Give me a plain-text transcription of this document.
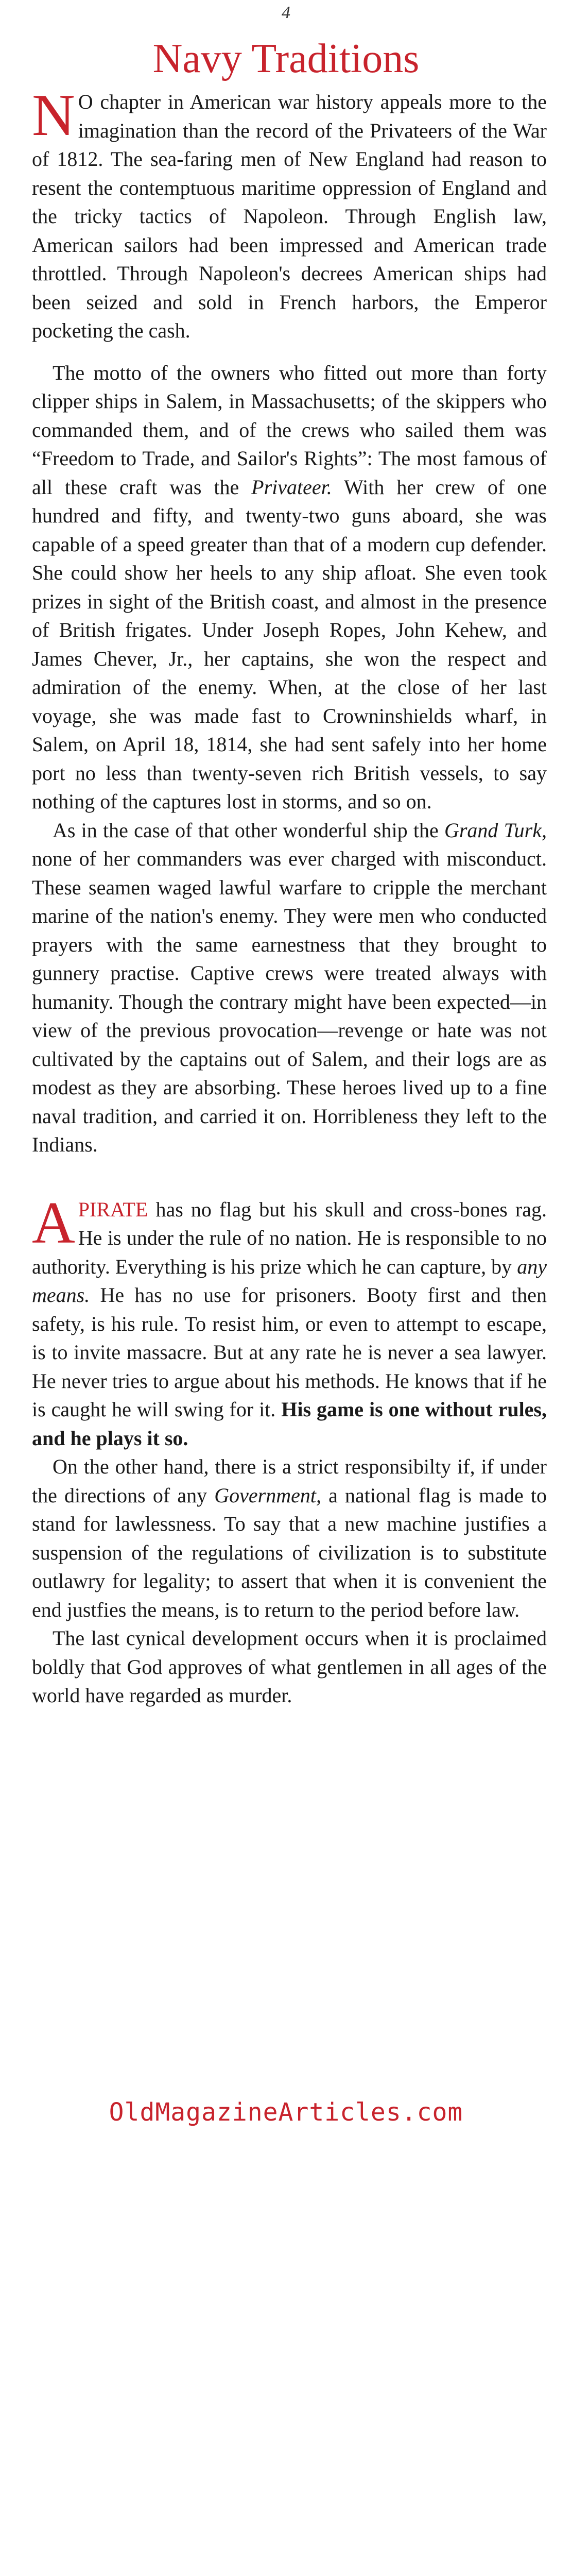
4
Navy Traditions

N O chapter in American war history appeals more to the imagination than the record of the Privateers of the War of 1812. The sea-faring men of New England had reason to resent the contemptuous maritime oppression of England and the tricky tactics of Napoleon. Through English law, American sailors had been impressed and American trade throttled. Through Napoleon's decrees American ships had been seized and sold in French harbors, the Emperor pocketing the cash.

The motto of the owners who fitted out more than forty clipper ships in Salem, in Massachusetts; of the skippers who commanded them, and of the crews who sailed them was “Freedom to Trade, and Sailor's Rights”: The most famous of all these craft was the Privateer. With her crew of one hundred and fifty, and twenty-two guns aboard, she was capable of a speed greater than that of a modern cup defender. She could show her heels to any ship afloat. She even took prizes in sight of the British coast, and almost in the presence of British frigates. Under Joseph Ropes, John Kehew, and James Chever, Jr., her captains, she won the respect and admiration of the enemy. When, at the close of her last voyage, she was made fast to Crowninshields wharf, in Salem, on April 18, 1814, she had sent safely into her home port no less than twenty-seven rich British vessels, to say nothing of the captures lost in storms, and so on.

As in the case of that other wonderful ship the Grand Turk, none of her commanders was ever charged with misconduct. These seamen waged lawful warfare to cripple the merchant marine of the nation's enemy. They were men who conducted prayers with the same earnestness that they brought to gunnery practise. Captive crews were treated always with humanity. Though the contrary might have been expected—in view of the previous provocation—revenge or hate was not cultivated by the captains out of Salem, and their logs are as modest as they are absorbing. These heroes lived up to a fine naval tradition, and carried it on. Horribleness they left to the Indians.

APIRATE has no flag but his skull and cross-bones rag. He is under the rule of no nation. He is responsible to no authority. Everything is his prize which he can capture, by any means. He has no use for prisoners. Booty first and then safety, is his rule. To resist him, or even to attempt to escape, is to invite massacre. But at any rate he is never a sea lawyer. He never tries to argue about his methods. He knows that if he is caught he will swing for it. His game is one without rules, and he plays it so.

On the other hand, there is a strict responsibilty if, if under the directions of any Government, a national flag is made to stand for lawlessness. To say that a new machine justifies a suspension of the regulations of civilization is to substitute outlawry for legality; to assert that when it is convenient the end justfies the means, is to return to the period before law.

The last cynical development occurs when it is proclaimed boldly that God approves of what gentlemen in all ages of the world have regarded as murder.

OldMagazineArticles.com
